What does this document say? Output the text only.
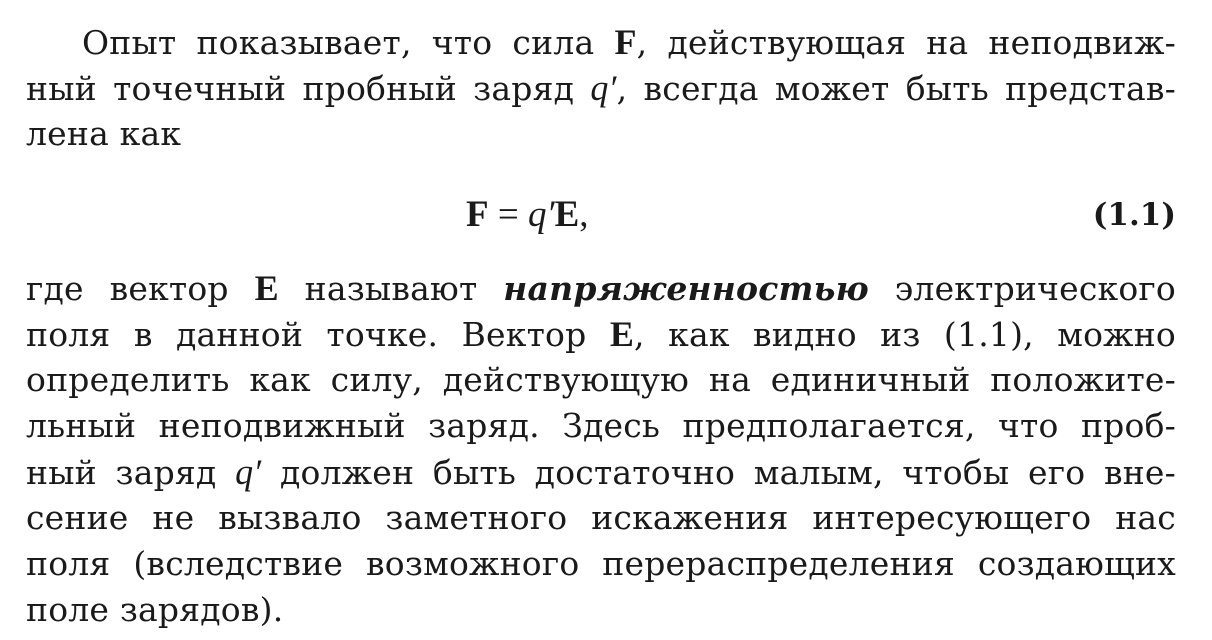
Опыт показывает, что сила F, действующая на неподвиж-
ный точечный пробный заряд q′, всегда может быть представ-
лена как
F = q′E,	(1.1)
где вектор E называют напряженностью электрического
поля в данной точке. Вектор E, как видно из (1.1), можно
определить как силу, действующую на единичный положите-
льный неподвижный заряд. Здесь предполагается, что проб-
ный заряд q′ должен быть достаточно малым, чтобы его вне-
сение не вызвало заметного искажения интересующего нас
поля (вследствие возможного перераспределения создающих
поле зарядов).
